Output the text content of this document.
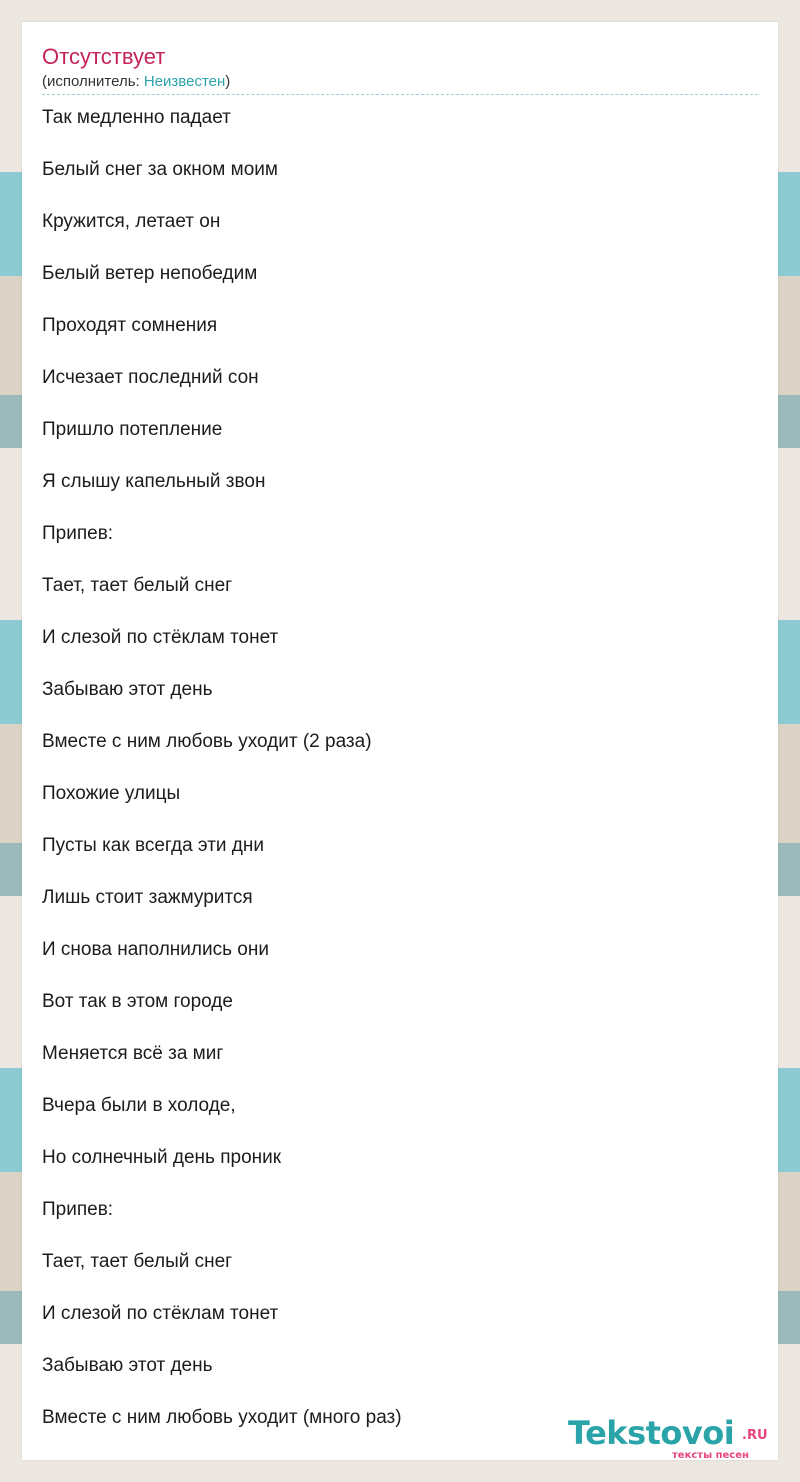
Отсутствует
(исполнитель: Неизвестен)
Так медленно падает
Белый снег за окном моим
Кружится, летает он
Белый ветер непобедим
Проходят сомнения
Исчезает последний сон
Пришло потепление
Я слышу капельный звон
Припев:
Тает, тает белый снег
И слезой по стёклам тонет
Забываю этот день
Вместе с ним любовь уходит (2 раза)
Похожие улицы
Пусты как всегда эти дни
Лишь стоит зажмурится
И снова наполнились они
Вот так в этом городе
Меняется всё за миг
Вчера были в холоде,
Но солнечный день проник
Припев:
Тает, тает белый снег
И слезой по стёклам тонет
Забываю этот день
Вместе с ним любовь уходит (много раз)	Tekstovoi .RU
тексты песен
